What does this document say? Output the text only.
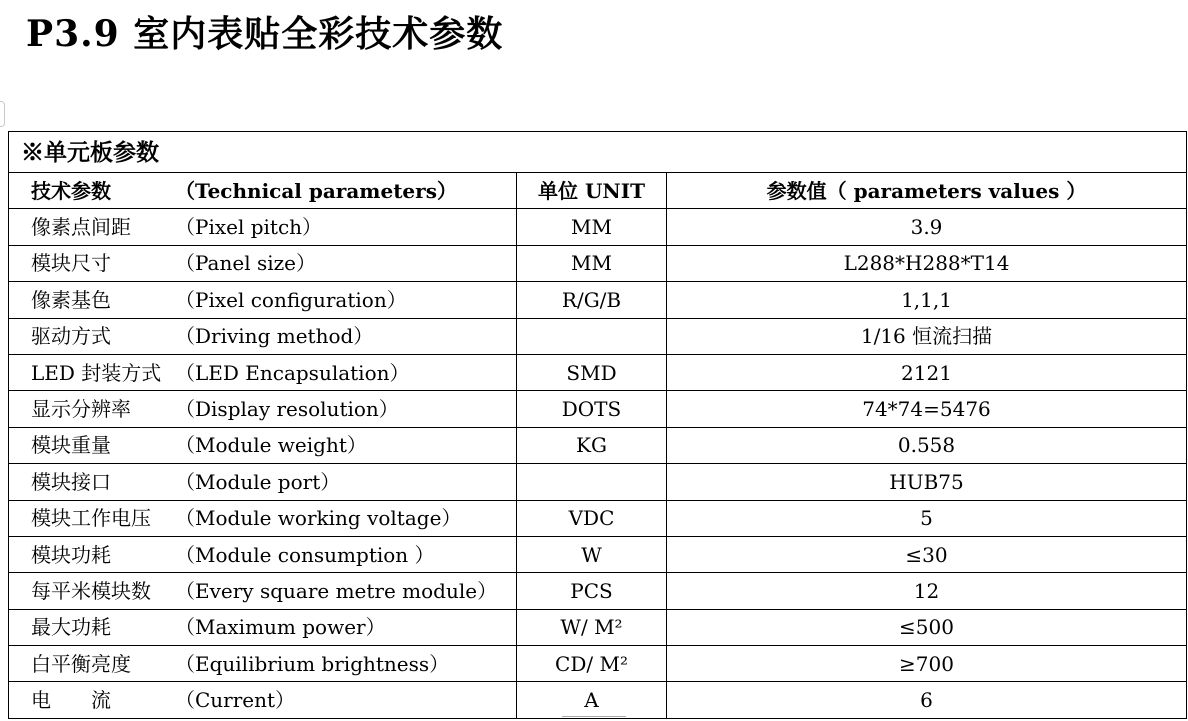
P3.9 室内表贴全彩技术参数
※单元板参数		
技术参数 （Technical parameters）	单位 UNIT	参数值（ parameters values ）
像素点间距 （Pixel pitch）	MM	3.9
模块尺寸 （Panel size）	MM	L288*H288*T14
像素基色 （Pixel configuration）	R/G/B	1,1,1
驱动方式 （Driving method）		1/16 恒流扫描
LED 封装方式 （LED Encapsulation）	SMD	2121
显示分辨率 （Display resolution）	DOTS	74*74=5476
模块重量 （Module weight）	KG	0.558
模块接口 （Module port）		HUB75
模块工作电压 （Module working voltage）	VDC	5
模块功耗 （Module consumption ）	W	≤30
每平米模块数 （Every square metre module）	PCS	12
最大功耗 （Maximum power）	W/ M²	≤500
白平衡亮度 （Equilibrium brightness）	CD/ M²	≥700
电　　流 （Current）	A	6
